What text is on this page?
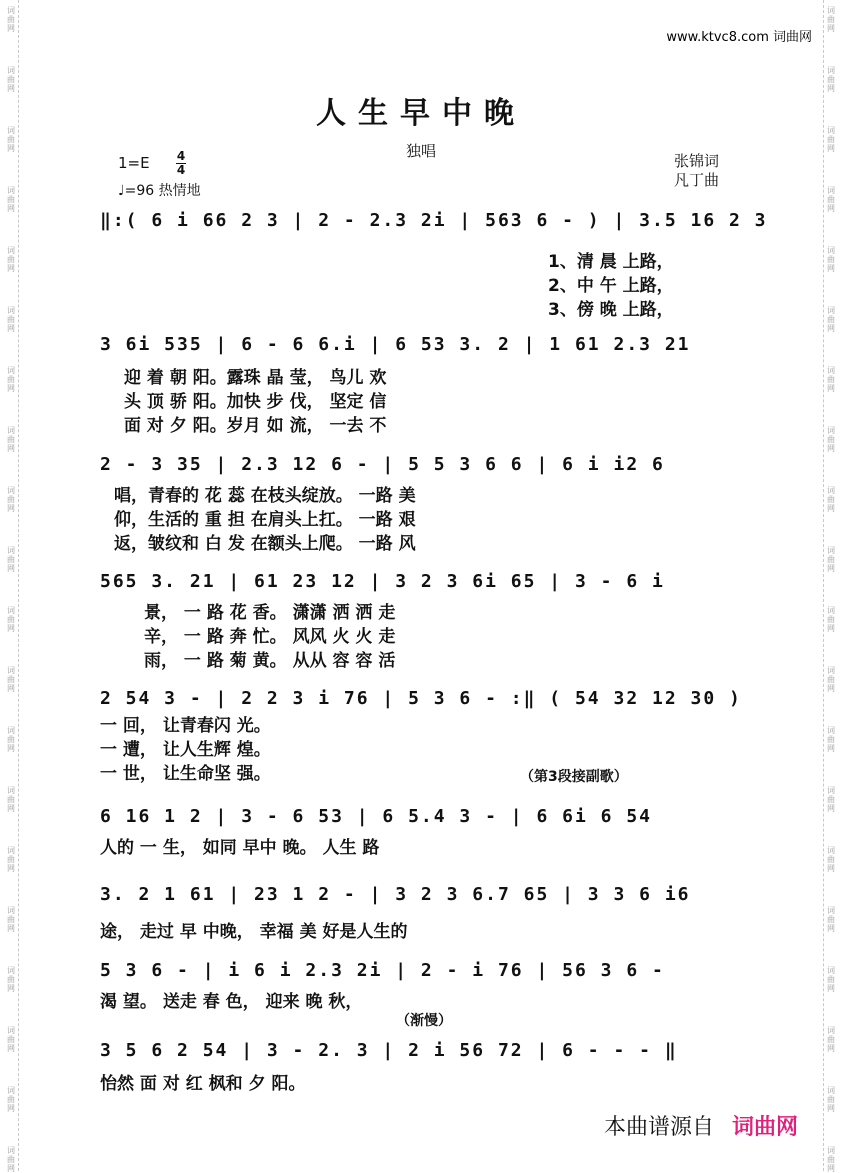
词
曲
网
词
曲
网
词
曲
网
词
曲
网
词
曲
网
词
曲
网
词
曲
网
词
曲
网
词
曲
网
词
曲
网
词
曲
网
词
曲
网
词
曲
网
词
曲
网
词
曲
网
词
曲
网
词
曲
网
词
曲
网
词
曲
网
词
曲
网
词
曲
网
词
曲
网
词
曲
网
词
曲
网
词
曲
网
词
曲
网
词
曲
网
词
曲
网
词
曲
网
词
曲
网
词
曲
网
词
曲
网
词
曲
网
词
曲
网
词
曲
网
词
曲
网
词
曲
网
词
曲
网
词
曲
网
词
曲
网
www.ktvc8.com 词曲网
人生早中晚
独唱
1=E 4
4
♩=96 热情地
张锦词
凡丁曲
‖:( 6 i 66 2 3 | 2 - 2.3 2i | 563 6 - ) | 3.5 16 2 3
1、清 晨 上路，
2、中 午 上路，
3、傍 晚 上路，
3 6i 535 | 6 - 6 6.i | 6 53 3. 2 | 1 61 2.3 21
迎 着 朝 阳。露珠 晶 莹， 鸟儿 欢
头 顶 骄 阳。加快 步 伐， 坚定 信
面 对 夕 阳。岁月 如 流， 一去 不
2 - 3 35 | 2.3 12 6 - | 5 5 3 6 6 | 6 i i2 6
唱，青春的 花 蕊 在枝头绽放。 一路 美
仰，生活的 重 担 在肩头上扛。 一路 艰
返，皱纹和 白 发 在额头上爬。 一路 风
565 3. 21 | 61 23 12 | 3 2 3 6i 65 | 3 - 6 i
景， 一 路 花 香。 潇潇 洒 洒 走
辛， 一 路 奔 忙。 风风 火 火 走
雨， 一 路 菊 黄。 从从 容 容 活
2 54 3 - | 2 2 3 i 76 | 5 3 6 - :‖ ( 54 32 12 30 )
一 回， 让青春闪 光。
一 遭， 让人生辉 煌。
一 世， 让生命坚 强。	（第3段接副歌）
6 16 1 2 | 3 - 6 53 | 6 5.4 3 - | 6 6i 6 54
人的 一 生， 如同 早中 晚。 人生 路
3. 2 1 61 | 23 1 2 - | 3 2 3 6.7 65 | 3 3 6 i6
途， 走过 早 中晚， 幸福 美 好是人生的
5 3 6 - | i 6 i 2.3 2i | 2 - i 76 | 56 3 6 -
渴 望。 送走 春 色， 迎来 晚 秋，
（渐慢）
3 5 6 2 54 | 3 - 2. 3 | 2 i 56 72 | 6 - - - ‖
怡然 面 对 红 枫和 夕 阳。
本曲谱源自 词曲网
